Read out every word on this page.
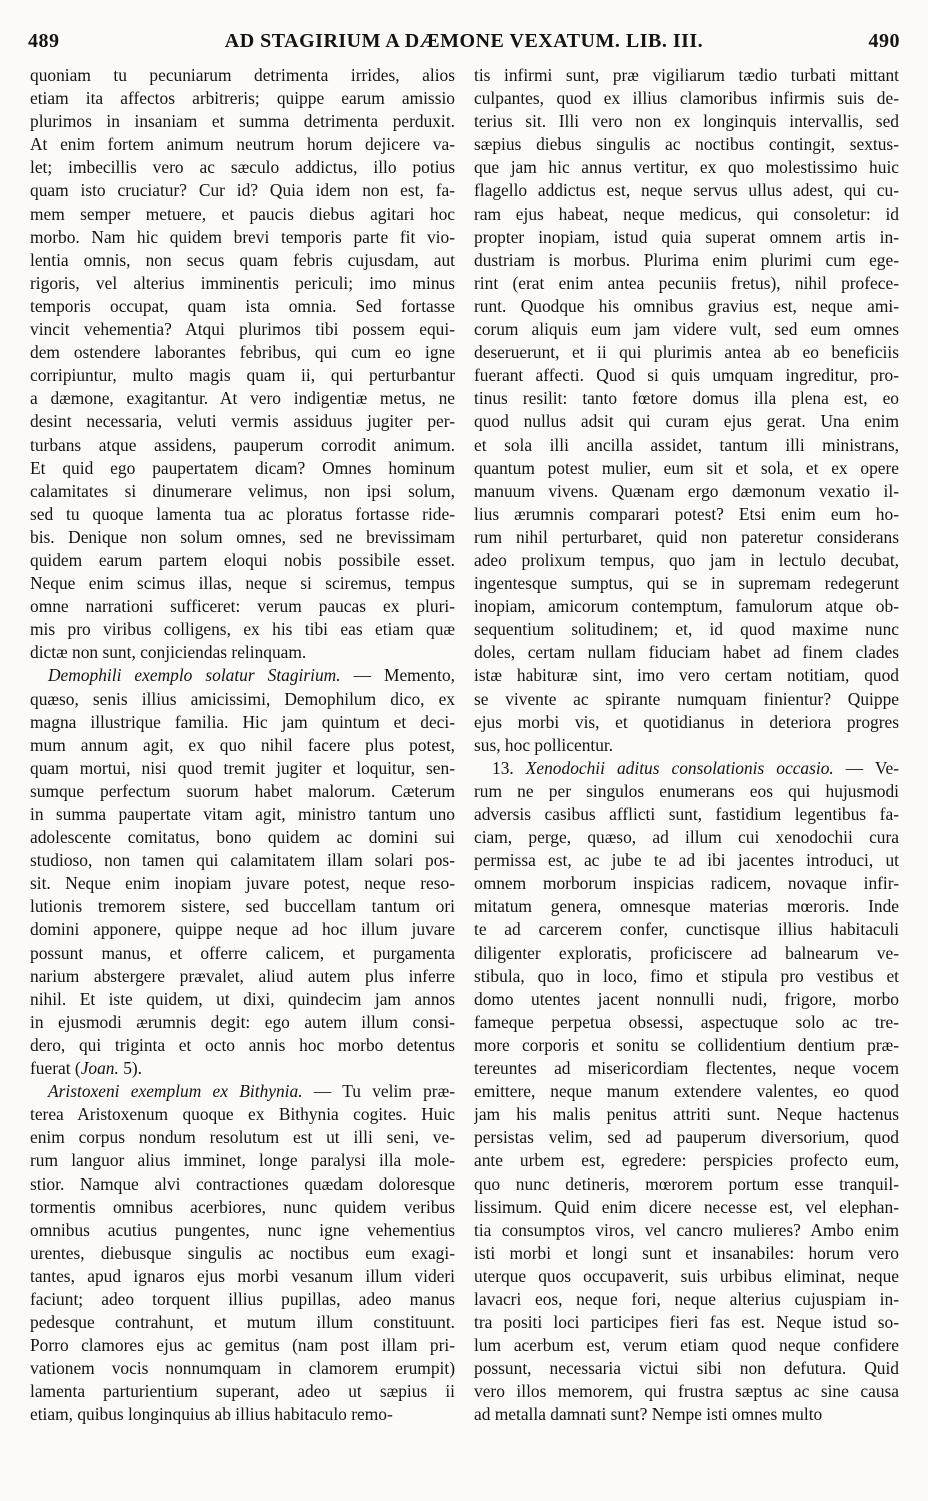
489	AD STAGIRIUM A DÆMONE VEXATUM. LIB. III.	490
quoniam tu pecuniarum detrimenta irrides, alios
etiam ita affectos arbitreris; quippe earum amissio
plurimos in insaniam et summa detrimenta perduxit.
At enim fortem animum neutrum horum dejicere va-
let; imbecillis vero ac sæculo addictus, illo potius
quam isto cruciatur? Cur id? Quia idem non est, fa-
mem semper metuere, et paucis diebus agitari hoc
morbo. Nam hic quidem brevi temporis parte fit vio-
lentia omnis, non secus quam febris cujusdam, aut
rigoris, vel alterius imminentis periculi; imo minus
temporis occupat, quam ista omnia. Sed fortasse
vincit vehementia? Atqui plurimos tibi possem equi-
dem ostendere laborantes febribus, qui cum eo igne
corripiuntur, multo magis quam ii, qui perturbantur
a dæmone, exagitantur. At vero indigentiæ metus, ne
desint necessaria, veluti vermis assiduus jugiter per-
turbans atque assidens, pauperum corrodit animum.
Et quid ego paupertatem dicam? Omnes hominum
calamitates si dinumerare velimus, non ipsi solum,
sed tu quoque lamenta tua ac ploratus fortasse ride-
bis. Denique non solum omnes, sed ne brevissimam
quidem earum partem eloqui nobis possibile esset.
Neque enim scimus illas, neque si sciremus, tempus
omne narrationi sufficeret: verum paucas ex pluri-
mis pro viribus colligens, ex his tibi eas etiam quæ
dictæ non sunt, conjiciendas relinquam.
Demophili exemplo solatur Stagirium. — Memento,
quæso, senis illius amicissimi, Demophilum dico, ex
magna illustrique familia. Hic jam quintum et deci-
mum annum agit, ex quo nihil facere plus potest,
quam mortui, nisi quod tremit jugiter et loquitur, sen-
sumque perfectum suorum habet malorum. Cæterum
in summa paupertate vitam agit, ministro tantum uno
adolescente comitatus, bono quidem ac domini sui
studioso, non tamen qui calamitatem illam solari pos-
sit. Neque enim inopiam juvare potest, neque reso-
lutionis tremorem sistere, sed buccellam tantum ori
domini apponere, quippe neque ad hoc illum juvare
possunt manus, et offerre calicem, et purgamenta
narium abstergere prævalet, aliud autem plus inferre
nihil. Et iste quidem, ut dixi, quindecim jam annos
in ejusmodi ærumnis degit: ego autem illum consi-
dero, qui triginta et octo annis hoc morbo detentus
fuerat (Joan. 5).
Aristoxeni exemplum ex Bithynia. — Tu velim præ-
terea Aristoxenum quoque ex Bithynia cogites. Huic
enim corpus nondum resolutum est ut illi seni, ve-
rum languor alius imminet, longe paralysi illa mole-
stior. Namque alvi contractiones quædam doloresque
tormentis omnibus acerbiores, nunc quidem veribus
omnibus acutius pungentes, nunc igne vehementius
urentes, diebusque singulis ac noctibus eum exagi-
tantes, apud ignaros ejus morbi vesanum illum videri
faciunt; adeo torquent illius pupillas, adeo manus
pedesque contrahunt, et mutum illum constituunt.
Porro clamores ejus ac gemitus (nam post illam pri-
vationem vocis nonnumquam in clamorem erumpit)
lamenta parturientium superant, adeo ut sæpius ii
etiam, quibus longinquius ab illius habitaculo remo-
tis infirmi sunt, præ vigiliarum tædio turbati mittant
culpantes, quod ex illius clamoribus infirmis suis de-
terius sit. Illi vero non ex longinquis intervallis, sed
sæpius diebus singulis ac noctibus contingit, sextus-
que jam hic annus vertitur, ex quo molestissimo huic
flagello addictus est, neque servus ullus adest, qui cu-
ram ejus habeat, neque medicus, qui consoletur: id
propter inopiam, istud quia superat omnem artis in-
dustriam is morbus. Plurima enim plurimi cum ege-
rint (erat enim antea pecuniis fretus), nihil profece-
runt. Quodque his omnibus gravius est, neque ami-
corum aliquis eum jam videre vult, sed eum omnes
deseruerunt, et ii qui plurimis antea ab eo beneficiis
fuerant affecti. Quod si quis umquam ingreditur, pro-
tinus resilit: tanto fœtore domus illa plena est, eo
quod nullus adsit qui curam ejus gerat. Una enim
et sola illi ancilla assidet, tantum illi ministrans,
quantum potest mulier, eum sit et sola, et ex opere
manuum vivens. Quænam ergo dæmonum vexatio il-
lius ærumnis comparari potest? Etsi enim eum ho-
rum nihil perturbaret, quid non pateretur considerans
adeo prolixum tempus, quo jam in lectulo decubat,
ingentesque sumptus, qui se in supremam redegerunt
inopiam, amicorum contemptum, famulorum atque ob-
sequentium solitudinem; et, id quod maxime nunc
doles, certam nullam fiduciam habet ad finem clades
istæ habituræ sint, imo vero certam notitiam, quod
se vivente ac spirante numquam finientur? Quippe
ejus morbi vis, et quotidianus in deteriora progres
sus, hoc pollicentur.
13. Xenodochii aditus consolationis occasio. — Ve-
rum ne per singulos enumerans eos qui hujusmodi
adversis casibus afflicti sunt, fastidium legentibus fa-
ciam, perge, quæso, ad illum cui xenodochii cura
permissa est, ac jube te ad ibi jacentes introduci, ut
omnem morborum inspicias radicem, novaque infir-
mitatum genera, omnesque materias mœroris. Inde
te ad carcerem confer, cunctisque illius habitaculi
diligenter exploratis, proficiscere ad balnearum ve-
stibula, quo in loco, fimo et stipula pro vestibus et
domo utentes jacent nonnulli nudi, frigore, morbo
fameque perpetua obsessi, aspectuque solo ac tre-
more corporis et sonitu se collidentium dentium præ-
tereuntes ad misericordiam flectentes, neque vocem
emittere, neque manum extendere valentes, eo quod
jam his malis penitus attriti sunt. Neque hactenus
persistas velim, sed ad pauperum diversorium, quod
ante urbem est, egredere: perspicies profecto eum,
quo nunc detineris, mœrorem portum esse tranquil-
lissimum. Quid enim dicere necesse est, vel elephan-
tia consumptos viros, vel cancro mulieres? Ambo enim
isti morbi et longi sunt et insanabiles: horum vero
uterque quos occupaverit, suis urbibus eliminat, neque
lavacri eos, neque fori, neque alterius cujuspiam in-
tra positi loci participes fieri fas est. Neque istud so-
lum acerbum est, verum etiam quod neque confidere
possunt, necessaria victui sibi non defutura. Quid
vero illos memorem, qui frustra sæptus ac sine causa
ad metalla damnati sunt? Nempe isti omnes multo
